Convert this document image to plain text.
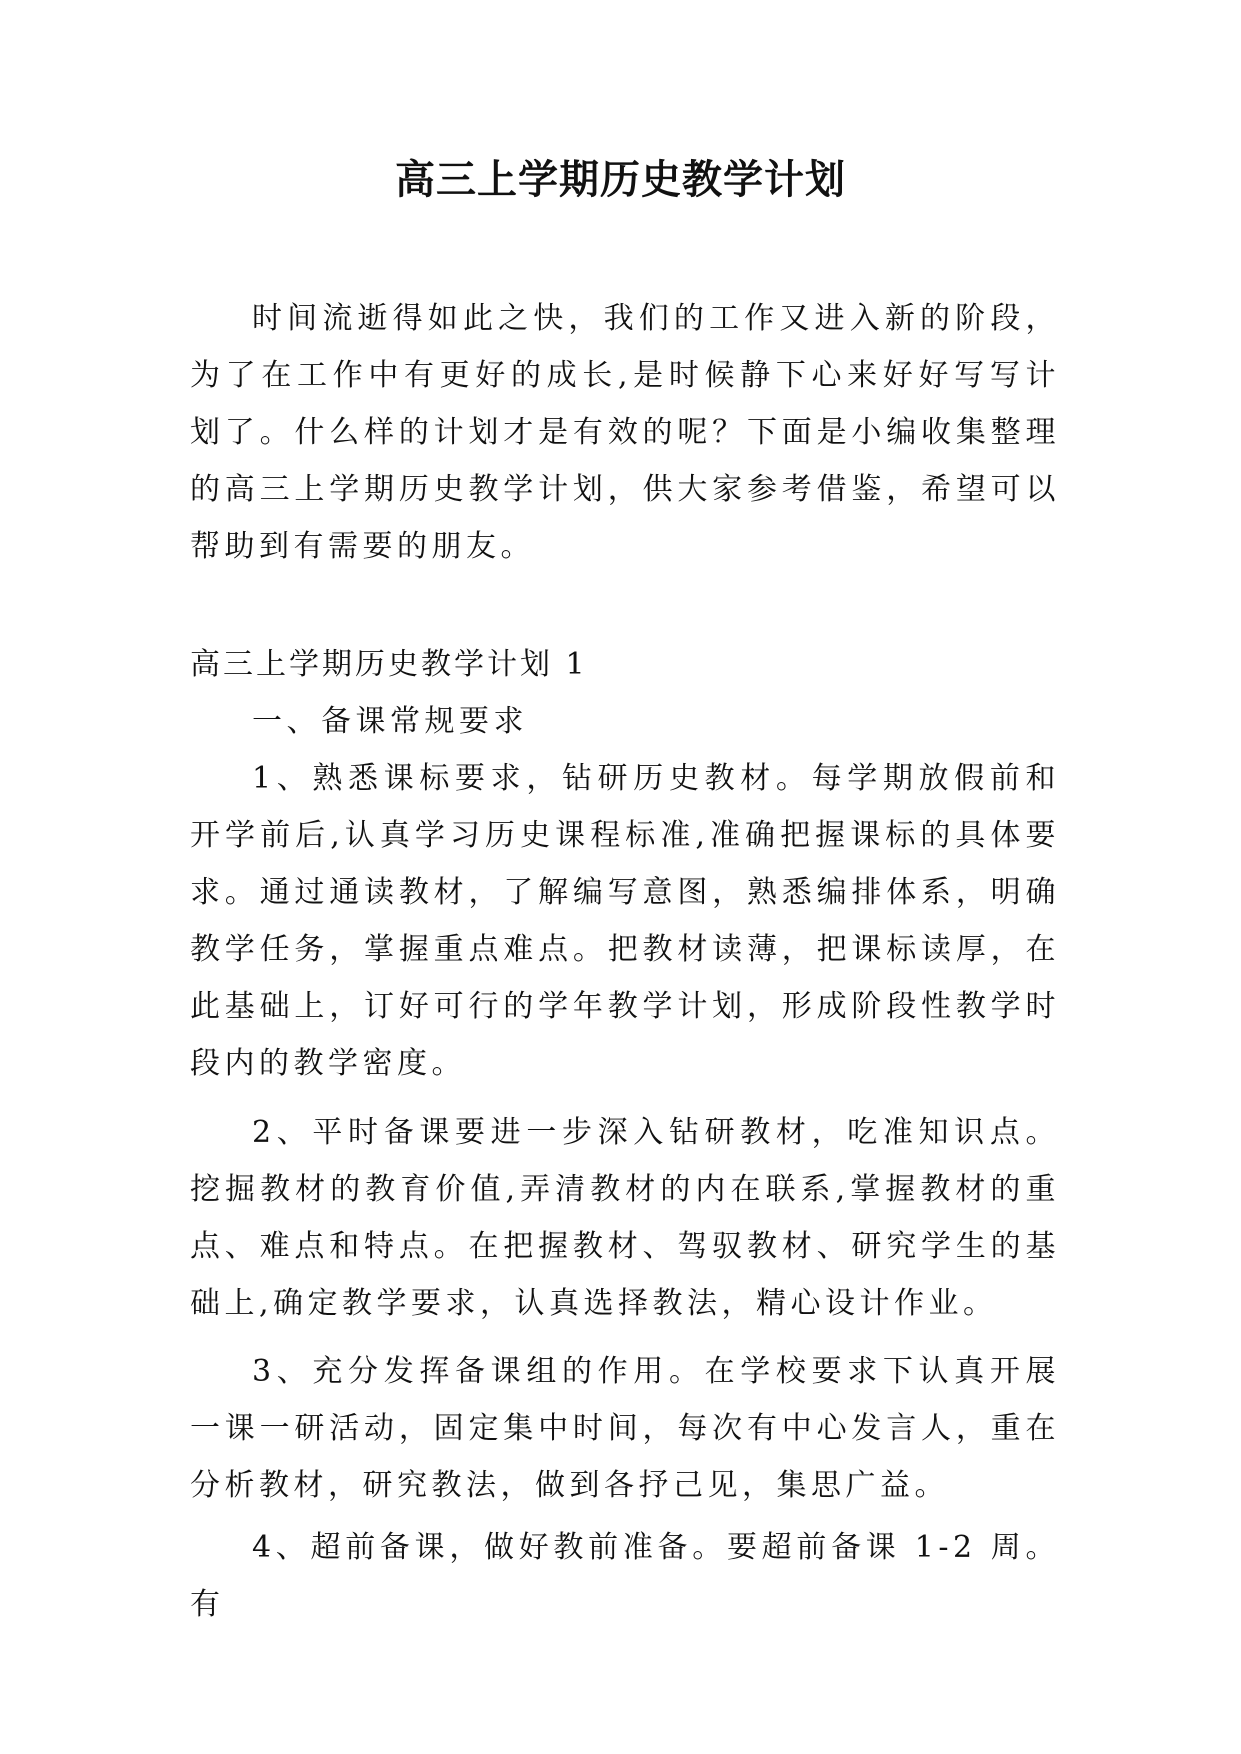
高三上学期历史教学计划

时间流逝得如此之快，我们的工作又进入新的阶段，为了在工作中有更好的成长,是时候静下心来好好写写计划了。什么样的计划才是有效的呢？下面是小编收集整理的高三上学期历史教学计划，供大家参考借鉴，希望可以帮助到有需要的朋友。

高三上学期历史教学计划 1

一、备课常规要求

1、熟悉课标要求，钻研历史教材。每学期放假前和开学前后,认真学习历史课程标准,准确把握课标的具体要求。通过通读教材，了解编写意图，熟悉编排体系，明确教学任务，掌握重点难点。把教材读薄，把课标读厚，在此基础上，订好可行的学年教学计划，形成阶段性教学时段内的教学密度。

2、平时备课要进一步深入钻研教材，吃准知识点。挖掘教材的教育价值,弄清教材的内在联系,掌握教材的重点、难点和特点。在把握教材、驾驭教材、研究学生的基础上,确定教学要求，认真选择教法，精心设计作业。

3、充分发挥备课组的作用。在学校要求下认真开展一课一研活动，固定集中时间，每次有中心发言人，重在分析教材，研究教法，做到各抒己见，集思广益。

4、超前备课，做好教前准备。要超前备课 1-2 周。有
